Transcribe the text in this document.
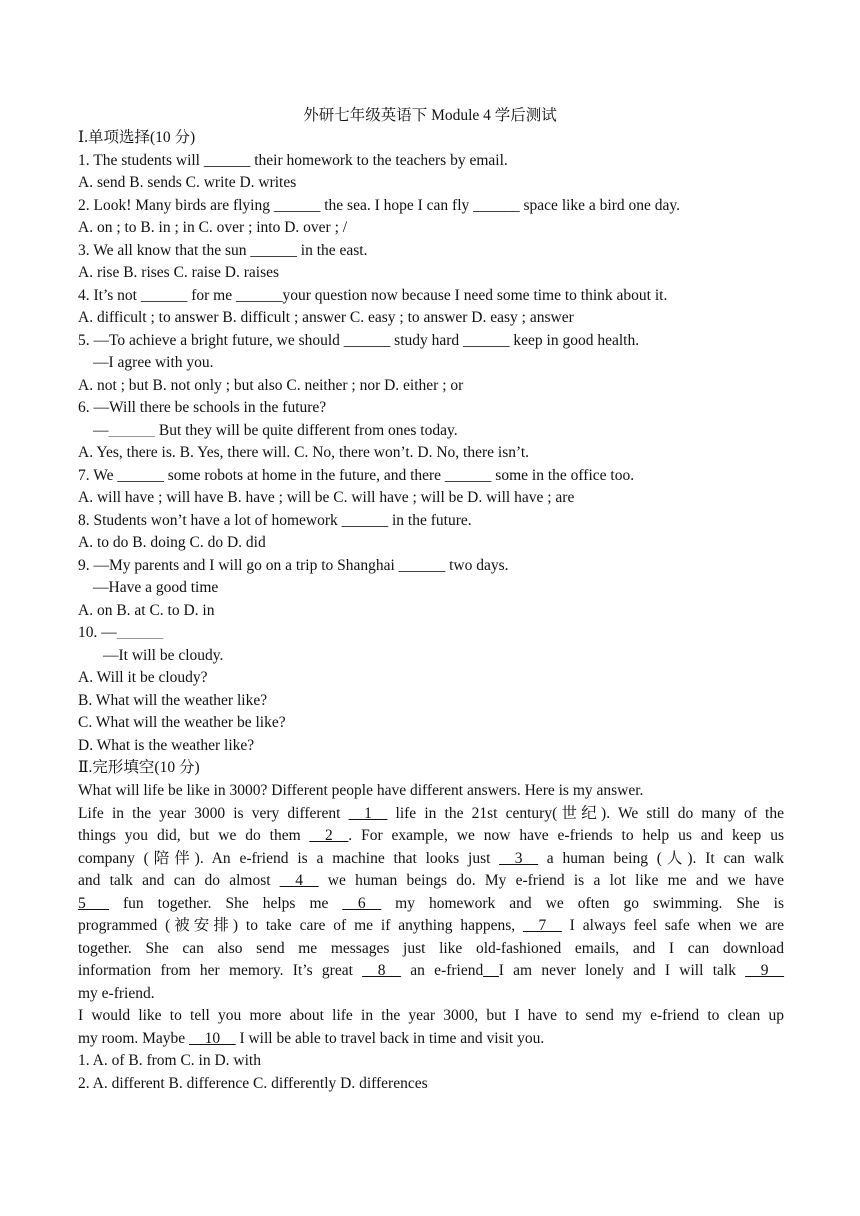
外研七年级英语下 Module 4 学后测试
Ⅰ.单项选择(10 分)
1. The students will ______ their homework to the teachers by email.
A. send B. sends C. write D. writes
2. Look! Many birds are flying ______ the sea. I hope I can fly ______ space like a bird one day.
A. on ; to B. in ; in C. over ; into D. over ; /
3. We all know that the sun ______ in the east.
A. rise B. rises C. raise D. raises
4. It’s not ______ for me ______your question now because I need some time to think about it.
A. difficult ; to answer B. difficult ; answer C. easy ; to answer D. easy ; answer
5. —To achieve a bright future, we should ______ study hard ______ keep in good health.
—I agree with you.
A. not ; but B. not only ; but also C. neither ; nor D. either ; or
6. —Will there be schools in the future?
—______ But they will be quite different from ones today.
A. Yes, there is. B. Yes, there will. C. No, there won’t. D. No, there isn’t.
7. We ______ some robots at home in the future, and there ______ some in the office too.
A. will have ; will have B. have ; will be C. will have ; will be D. will have ; are
8. Students won’t have a lot of homework ______ in the future.
A. to do B. doing C. do D. did
9. —My parents and I will go on a trip to Shanghai ______ two days.
—Have a good time
A. on B. at C. to D. in
10. —______
—It will be cloudy.
A. Will it be cloudy?
B. What will the weather like?
C. What will the weather be like?
D. What is the weather like?
Ⅱ.完形填空(10 分)
What will life be like in 3000? Different people have different answers. Here is my answer.
Life in the year 3000 is very different __1__ life in the 21st century(世纪). We still do many of the
things you did, but we do them __2__. For example, we now have e-friends to help us and keep us
company (陪伴). An e-friend is a machine that looks just __3__ a human being (人). It can walk
and talk and can do almost __4__ we human beings do. My e-friend is a lot like me and we have
5___ fun together. She helps me __6__ my homework and we often go swimming. She is
programmed (被安排) to take care of me if anything happens, __7__ I always feel safe when we are
together. She can also send me messages just like old-fashioned emails, and I can download
information from her memory. It’s great __8__ an e-friend__I am never lonely and I will talk __9__
my e-friend.
I would like to tell you more about life in the year 3000, but I have to send my e-friend to clean up
my room. Maybe __10__ I will be able to travel back in time and visit you.
1. A. of B. from C. in D. with
2. A. different B. difference C. differently D. differences
